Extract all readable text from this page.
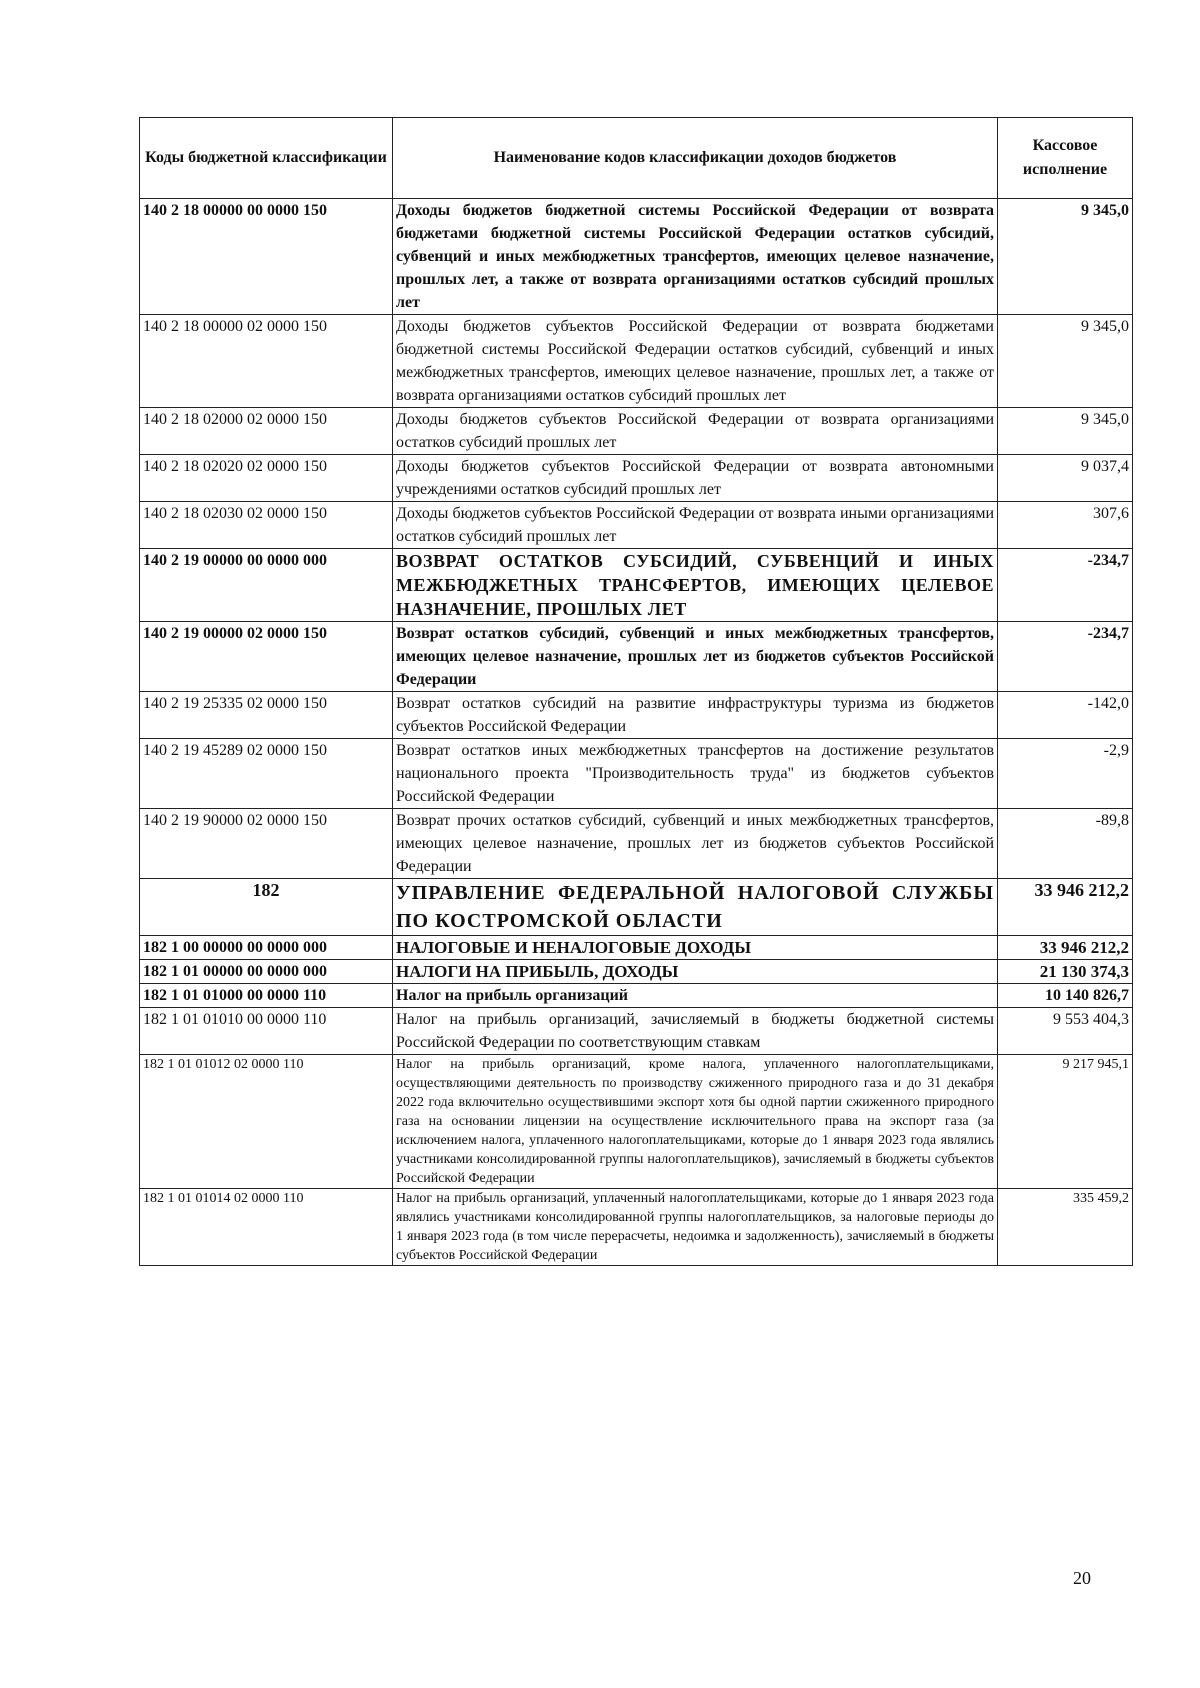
Коды бюджетной классификации	Наименование кодов классификации доходов бюджетов	Кассовое исполнение
140 2 18 00000 00 0000 150	Доходы бюджетов бюджетной системы Российской Федерации от возврата бюджетами бюджетной системы Российской Федерации остатков субсидий, субвенций и иных межбюджетных трансфертов, имеющих целевое назначение, прошлых лет, а также от возврата организациями остатков субсидий прошлых лет	9 345,0
140 2 18 00000 02 0000 150	Доходы бюджетов субъектов Российской Федерации от возврата бюджетами бюджетной системы Российской Федерации остатков субсидий, субвенций и иных межбюджетных трансфертов, имеющих целевое назначение, прошлых лет, а также от возврата организациями остатков субсидий прошлых лет	9 345,0
140 2 18 02000 02 0000 150	Доходы бюджетов субъектов Российской Федерации от возврата организациями остатков субсидий прошлых лет	9 345,0
140 2 18 02020 02 0000 150	Доходы бюджетов субъектов Российской Федерации от возврата автономными учреждениями остатков субсидий прошлых лет	9 037,4
140 2 18 02030 02 0000 150	Доходы бюджетов субъектов Российской Федерации от возврата иными организациями остатков субсидий прошлых лет	307,6
140 2 19 00000 00 0000 000	ВОЗВРАТ ОСТАТКОВ СУБСИДИЙ, СУБВЕНЦИЙ И ИНЫХ МЕЖБЮДЖЕТНЫХ ТРАНСФЕРТОВ, ИМЕЮЩИХ ЦЕЛЕВОЕ НАЗНАЧЕНИЕ, ПРОШЛЫХ ЛЕТ	-234,7
140 2 19 00000 02 0000 150	Возврат остатков субсидий, субвенций и иных межбюджетных трансфертов, имеющих целевое назначение, прошлых лет из бюджетов субъектов Российской Федерации	-234,7
140 2 19 25335 02 0000 150	Возврат остатков субсидий на развитие инфраструктуры туризма из бюджетов субъектов Российской Федерации	-142,0
140 2 19 45289 02 0000 150	Возврат остатков иных межбюджетных трансфертов на достижение результатов национального проекта "Производительность труда" из бюджетов субъектов Российской Федерации	-2,9
140 2 19 90000 02 0000 150	Возврат прочих остатков субсидий, субвенций и иных межбюджетных трансфертов, имеющих целевое назначение, прошлых лет из бюджетов субъектов Российской Федерации	-89,8
182	УПРАВЛЕНИЕ ФЕДЕРАЛЬНОЙ НАЛОГОВОЙ СЛУЖБЫ ПО КОСТРОМСКОЙ ОБЛАСТИ	33 946 212,2
182 1 00 00000 00 0000 000	НАЛОГОВЫЕ И НЕНАЛОГОВЫЕ ДОХОДЫ	33 946 212,2
182 1 01 00000 00 0000 000	НАЛОГИ НА ПРИБЫЛЬ, ДОХОДЫ	21 130 374,3
182 1 01 01000 00 0000 110	Налог на прибыль организаций	10 140 826,7
182 1 01 01010 00 0000 110	Налог на прибыль организаций, зачисляемый в бюджеты бюджетной системы Российской Федерации по соответствующим ставкам	9 553 404,3
182 1 01 01012 02 0000 110	Налог на прибыль организаций, кроме налога, уплаченного налогоплательщиками, осуществляющими деятельность по производству сжиженного природного газа и до 31 декабря 2022 года включительно осуществившими экспорт хотя бы одной партии сжиженного природного газа на основании лицензии на осуществление исключительного права на экспорт газа (за исключением налога, уплаченного налогоплательщиками, которые до 1 января 2023 года являлись участниками консолидированной группы налогоплательщиков), зачисляемый в бюджеты субъектов Российской Федерации	9 217 945,1
182 1 01 01014 02 0000 110	Налог на прибыль организаций, уплаченный налогоплательщиками, которые до 1 января 2023 года являлись участниками консолидированной группы налогоплательщиков, за налоговые периоды до 1 января 2023 года (в том числе перерасчеты, недоимка и задолженность), зачисляемый в бюджеты субъектов Российской Федерации	335 459,2
20
